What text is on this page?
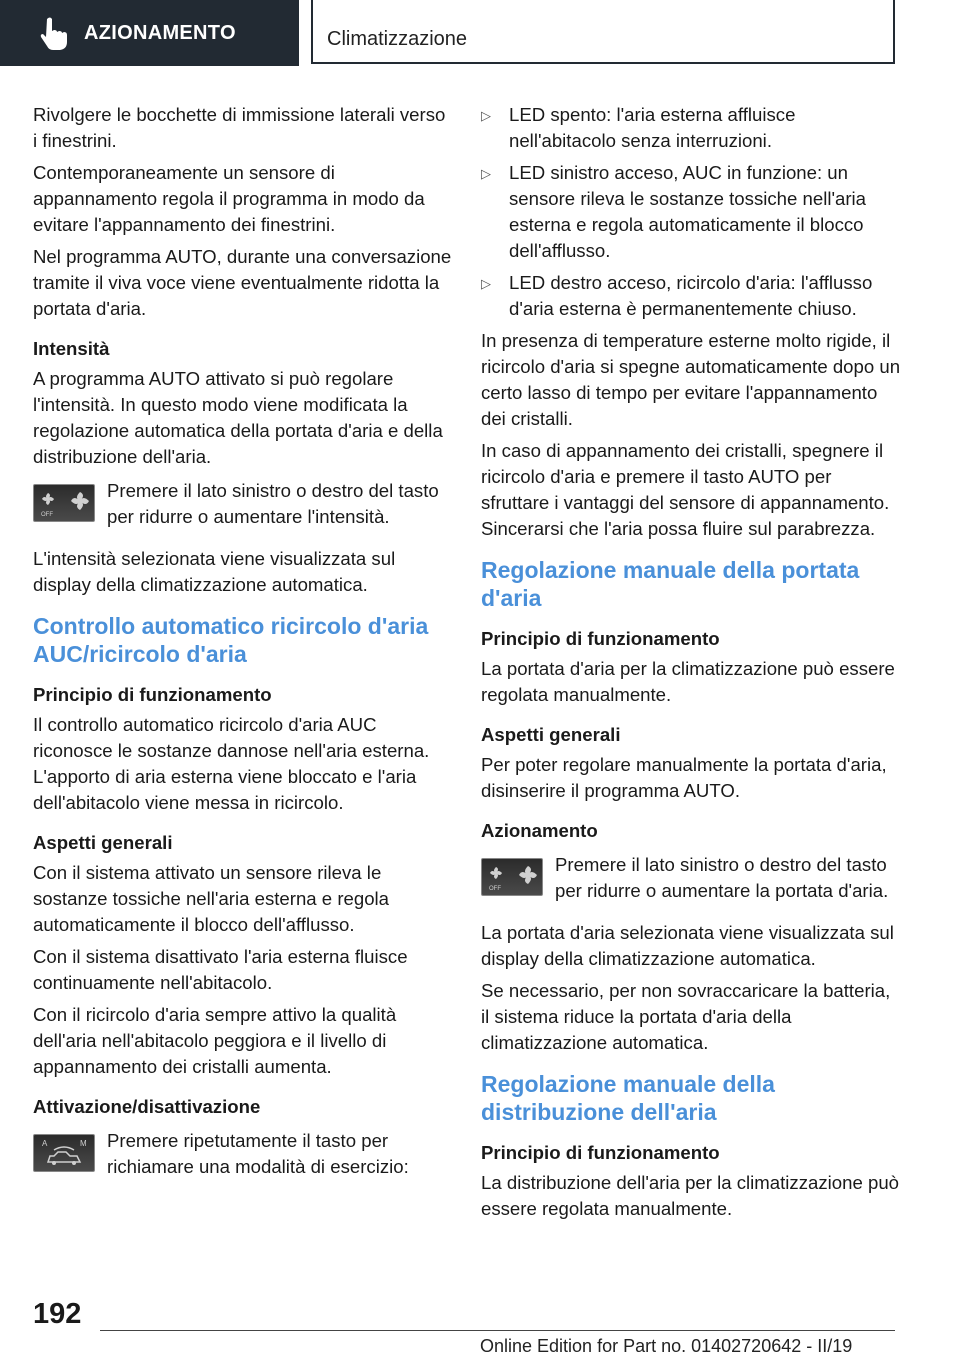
AZIONAMENTO	Climatizzazione

Rivolgere le bocchette di immissione laterali verso i finestrini.

Contemporaneamente un sensore di appannamento regola il programma in modo da evitare l'appannamento dei finestrini.

Nel programma AUTO, durante una conversazione tramite il viva voce viene eventualmente ridotta la portata d'aria.

Intensità

A programma AUTO attivato si può regolare l'intensità. In questo modo viene modificata la regolazione automatica della portata d'aria e della distribuzione dell'aria.

OFF
Premere il lato sinistro o destro del tasto per ridurre o aumentare l'intensità.

L'intensità selezionata viene visualizzata sul display della climatizzazione automatica.

Controllo automatico ricircolo d'aria AUC/ricircolo d'aria
Principio di funzionamento

Il controllo automatico ricircolo d'aria AUC riconosce le sostanze dannose nell'aria esterna. L'apporto di aria esterna viene bloccato e l'aria dell'abitacolo viene messa in ricircolo.

Aspetti generali

Con il sistema attivato un sensore rileva le sostanze tossiche nell'aria esterna e regola automaticamente il blocco dell'afflusso.

Con il sistema disattivato l'aria esterna fluisce continuamente nell'abitacolo.

Con il ricircolo d'aria sempre attivo la qualità dell'aria nell'abitacolo peggiora e il livello di appannamento dei cristalli aumenta.

Attivazione/disattivazione
A	M Premere ripetutamente il tasto per richiamare una modalità di esercizio:
▷ LED spento: l'aria esterna affluisce nell'abitacolo senza interruzioni.
▷ LED sinistro acceso, AUC in funzione: un sensore rileva le sostanze tossiche nell'aria esterna e regola automaticamente il blocco dell'afflusso.
▷ LED destro acceso, ricircolo d'aria: l'afflusso d'aria esterna è permanentemente chiuso.

In presenza di temperature esterne molto rigide, il ricircolo d'aria si spegne automaticamente dopo un certo lasso di tempo per evitare l'appannamento dei cristalli.

In caso di appannamento dei cristalli, spegnere il ricircolo d'aria e premere il tasto AUTO per sfruttare i vantaggi del sensore di appannamento. Sincerarsi che l'aria possa fluire sul parabrezza.

Regolazione manuale della portata d'aria
Principio di funzionamento

La portata d'aria per la climatizzazione può essere regolata manualmente.

Aspetti generali

Per poter regolare manualmente la portata d'aria, disinserire il programma AUTO.

Azionamento
OFF
Premere il lato sinistro o destro del tasto per ridurre o aumentare la portata d'aria.

La portata d'aria selezionata viene visualizzata sul display della climatizzazione automatica.

Se necessario, per non sovraccaricare la batteria, il sistema riduce la portata d'aria della climatizzazione automatica.

Regolazione manuale della distribuzione dell'aria
Principio di funzionamento

La distribuzione dell'aria per la climatizzazione può essere regolata manualmente.

192
Online Edition for Part no. 01402720642 - II/19
